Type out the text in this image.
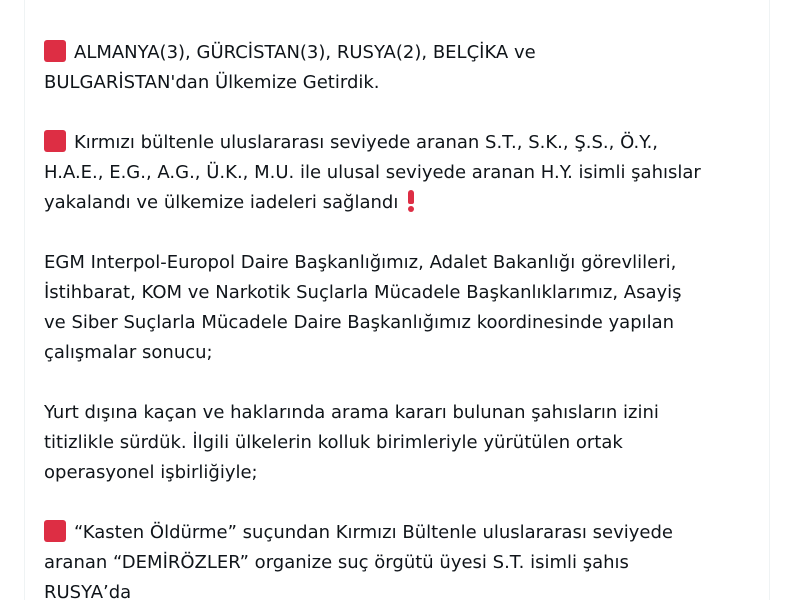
ALMANYA(3), GÜRCİSTAN(3), RUSYA(2), BELÇİKA ve
BULGARİSTAN'dan Ülkemize Getirdik.

Kırmızı bültenle uluslararası seviyede aranan S.T., S.K., Ş.S., Ö.Y.,
H.A.E., E.G., A.G., Ü.K., M.U. ile ulusal seviyede aranan H.Y. isimli şahıslar
yakalandı ve ülkemize iadeleri sağlandı

EGM Interpol-Europol Daire Başkanlığımız, Adalet Bakanlığı görevlileri,
İstihbarat, KOM ve Narkotik Suçlarla Mücadele Başkanlıklarımız, Asayiş
ve Siber Suçlarla Mücadele Daire Başkanlığımız koordinesinde yapılan
çalışmalar sonucu;

Yurt dışına kaçan ve haklarında arama kararı bulunan şahısların izini
titizlikle sürdük. İlgili ülkelerin kolluk birimleriyle yürütülen ortak
operasyonel işbirliğiyle;

“Kasten Öldürme” suçundan Kırmızı Bültenle uluslararası seviyede
aranan “DEMİRÖZLER” organize suç örgütü üyesi S.T. isimli şahıs
RUSYA’da
